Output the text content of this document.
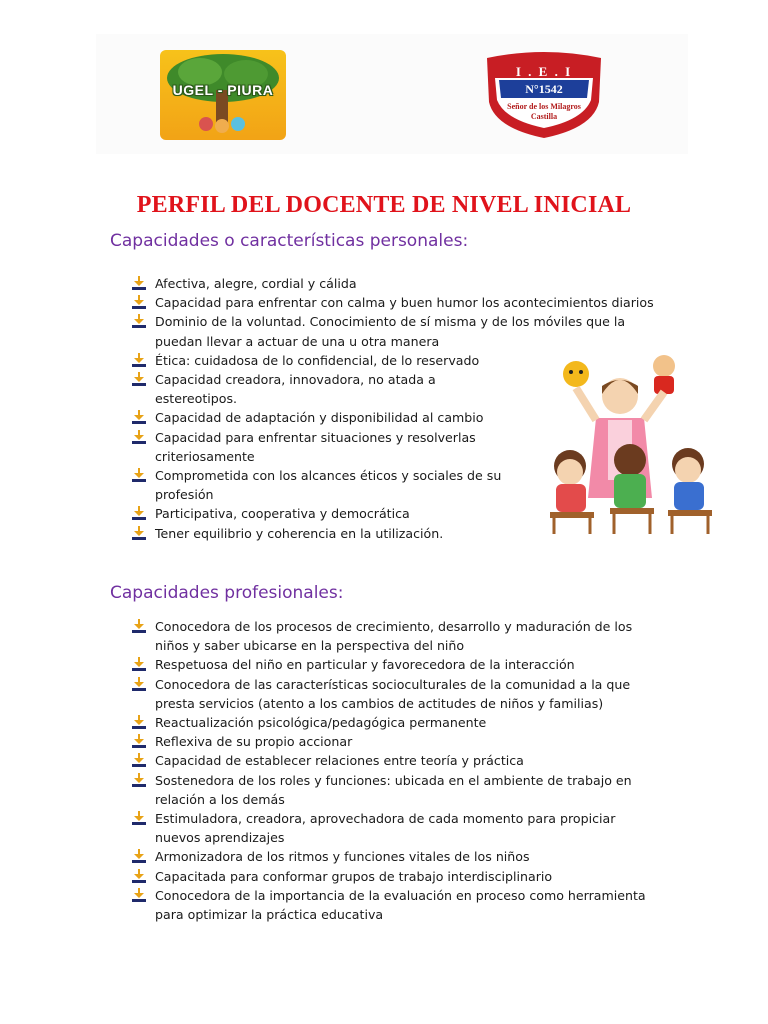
UGEL - PIURA
I . E . I
N°1542
Señor de los Milagros
Castilla
PERFIL DEL DOCENTE DE NIVEL INICIAL
Capacidades o características personales:
Afectiva, alegre, cordial y cálida
Capacidad para enfrentar con calma y buen humor los acontecimientos diarios
Dominio de la voluntad. Conocimiento de sí misma y de los móviles que la puedan llevar a actuar de una u otra manera
Ética: cuidadosa de lo confidencial, de lo reservado
Capacidad creadora, innovadora, no atada a estereotipos.
Capacidad de adaptación y disponibilidad al cambio
Capacidad para enfrentar situaciones y resolverlas criteriosamente
Comprometida con los alcances éticos y sociales de su profesión
Participativa, cooperativa y democrática
Tener equilibrio y coherencia en la utilización.
Capacidades profesionales:
Conocedora de los procesos de crecimiento, desarrollo y maduración de los niños y saber ubicarse en la perspectiva del niño
Respetuosa del niño en particular y favorecedora de la interacción
Conocedora de las características socioculturales de la comunidad a la que presta servicios (atento a los cambios de actitudes de niños y familias)
Reactualización psicológica/pedagógica permanente
Reflexiva de su propio accionar
Capacidad de establecer relaciones entre teoría y práctica
Sostenedora de los roles y funciones: ubicada en el ambiente de trabajo en relación a los demás
Estimuladora, creadora, aprovechadora de cada momento para propiciar nuevos aprendizajes
Armonizadora de los ritmos y funciones vitales de los niños
Capacitada para conformar grupos de trabajo interdisciplinario
Conocedora de la importancia de la evaluación en proceso como herramienta para optimizar la práctica educativa
